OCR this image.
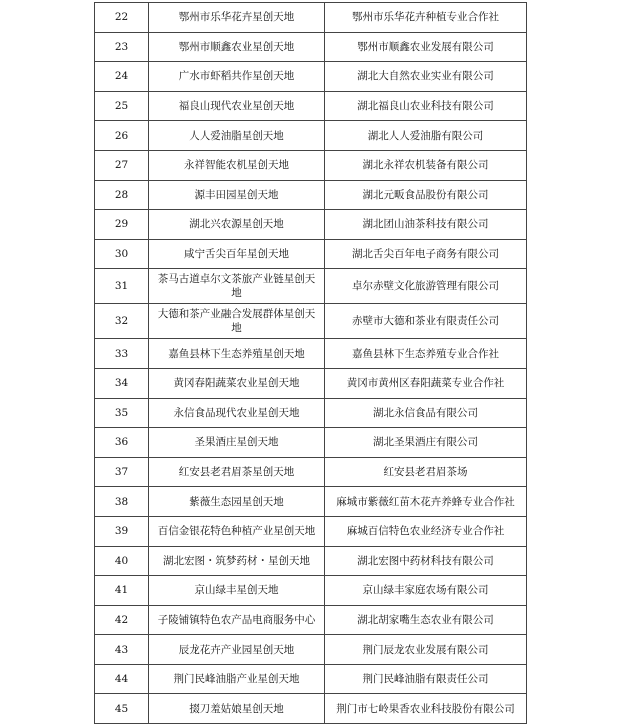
22	鄂州市乐华花卉星创天地	鄂州市乐华花卉种植专业合作社
23	鄂州市顺鑫农业星创天地	鄂州市顺鑫农业发展有限公司
24	广水市虾稻共作星创天地	湖北大自然农业实业有限公司
25	福良山现代农业星创天地	湖北福良山农业科技有限公司
26	人人爱油脂星创天地	湖北人人爱油脂有限公司
27	永祥智能农机星创天地	湖北永祥农机装备有限公司
28	源丰田园星创天地	湖北元畈食品股份有限公司
29	湖北兴农源星创天地	湖北团山油茶科技有限公司
30	咸宁舌尖百年星创天地	湖北舌尖百年电子商务有限公司
31	茶马古道卓尔文茶旅产业链星创天地	卓尔赤壁文化旅游管理有限公司
32	大德和茶产业融合发展群体星创天地	赤壁市大德和茶业有限责任公司
33	嘉鱼县林下生态养殖星创天地	嘉鱼县林下生态养殖专业合作社
34	黄冈春阳蔬菜农业星创天地	黄冈市黄州区春阳蔬菜专业合作社
35	永信食品现代农业星创天地	湖北永信食品有限公司
36	圣果酒庄星创天地	湖北圣果酒庄有限公司
37	红安县老君眉茶星创天地	红安县老君眉茶场
38	紫薇生态园星创天地	麻城市紫薇红苗木花卉养蜂专业合作社
39	百信金银花特色种植产业星创天地	麻城百信特色农业经济专业合作社
40	湖北宏图・筑梦药材・星创天地	湖北宏图中药材科技有限公司
41	京山绿丰星创天地	京山绿丰家庭农场有限公司
42	子陵铺镇特色农产品电商服务中心	湖北胡家嘴生态农业有限公司
43	辰龙花卉产业园星创天地	荆门辰龙农业发展有限公司
44	荆门民峰油脂产业星创天地	荆门民峰油脂有限责任公司
45	掇刀羞姑娘星创天地	荆门市七岭果香农业科技股份有限公司
